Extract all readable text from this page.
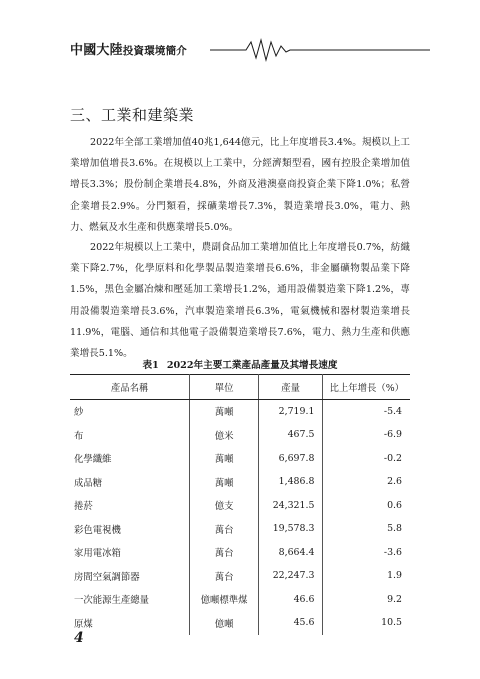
中國大陸投資環境簡介
三、工業和建築業

2022年全部工業增加值40兆1,644億元，比上年度增長3.4%。規模以上工業增加值增長3.6%。在規模以上工業中，分經濟類型看，國有控股企業增加值增長3.3%；股份制企業增長4.8%，外商及港澳臺商投資企業下降1.0%；私營企業增長2.9%。分門類看，採礦業增長7.3%，製造業增長3.0%，電力、熱力、燃氣及水生產和供應業增長5.0%。

2022年規模以上工業中，農副食品加工業增加值比上年度增長0.7%，紡織業下降2.7%，化學原料和化學製品製造業增長6.6%，非金屬礦物製品業下降1.5%，黑色金屬冶煉和壓延加工業增長1.2%，通用設備製造業下降1.2%，專用設備製造業增長3.6%，汽車製造業增長6.3%，電氣機械和器材製造業增長11.9%，電腦、通信和其他電子設備製造業增長7.6%，電力、熱力生產和供應業增長5.1%。

表1 2022年主要工業產品產量及其增長速度
產品名稱	單位	產量	比上年增長（%）
紗	萬噸	2,719.1	-5.4
布	億米	467.5	-6.9
化學纖維	萬噸	6,697.8	-0.2
成品糖	萬噸	1,486.8	2.6
捲菸	億支	24,321.5	0.6
彩色電視機	萬台	19,578.3	5.8
家用電冰箱	萬台	8,664.4	-3.6
房間空氣調節器	萬台	22,247.3	1.9
一次能源生產總量	億噸標準煤	46.6	9.2
原煤	億噸	45.6	10.5
4
